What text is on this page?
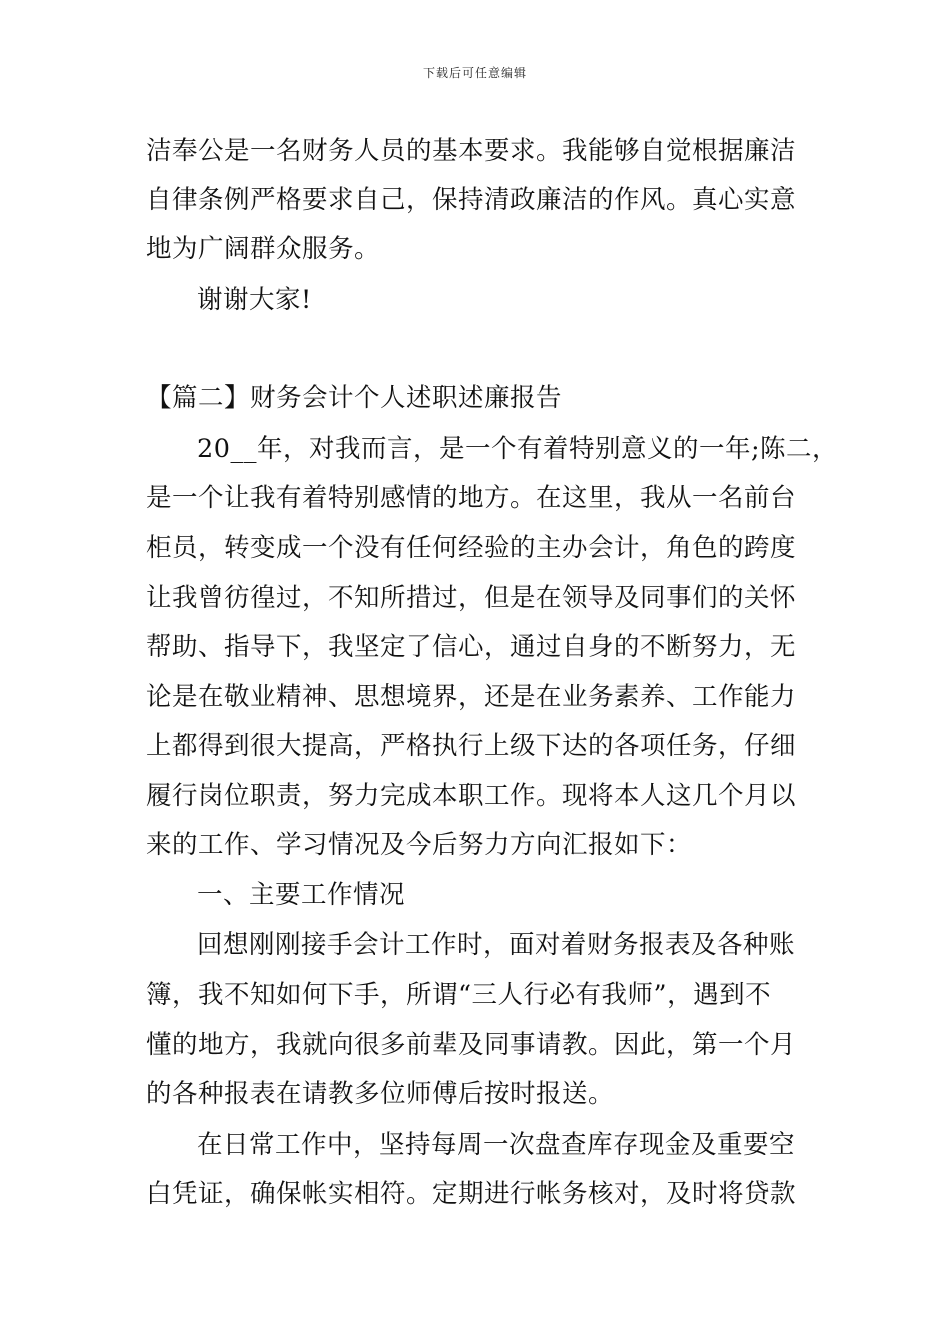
下载后可任意编辑
洁奉公是一名财务人员的基本要求。我能够自觉根据廉洁
自律条例严格要求自己，保持清政廉洁的作风。真心实意
地为广阔群众服务。
谢谢大家!
【篇二】财务会计个人述职述廉报告
20__年，对我而言，是一个有着特别意义的一年;陈二，
是一个让我有着特别感情的地方。在这里，我从一名前台
柜员，转变成一个没有任何经验的主办会计，角色的跨度
让我曾彷徨过，不知所措过，但是在领导及同事们的关怀
帮助、指导下，我坚定了信心，通过自身的不断努力，无
论是在敬业精神、思想境界，还是在业务素养、工作能力
上都得到很大提高，严格执行上级下达的各项任务，仔细
履行岗位职责，努力完成本职工作。现将本人这几个月以
来的工作、学习情况及今后努力方向汇报如下：
一、主要工作情况
回想刚刚接手会计工作时，面对着财务报表及各种账
簿，我不知如何下手，所谓“三人行必有我师”，遇到不
懂的地方，我就向很多前辈及同事请教。因此，第一个月
的各种报表在请教多位师傅后按时报送。
在日常工作中，坚持每周一次盘查库存现金及重要空
白凭证，确保帐实相符。定期进行帐务核对，及时将贷款
